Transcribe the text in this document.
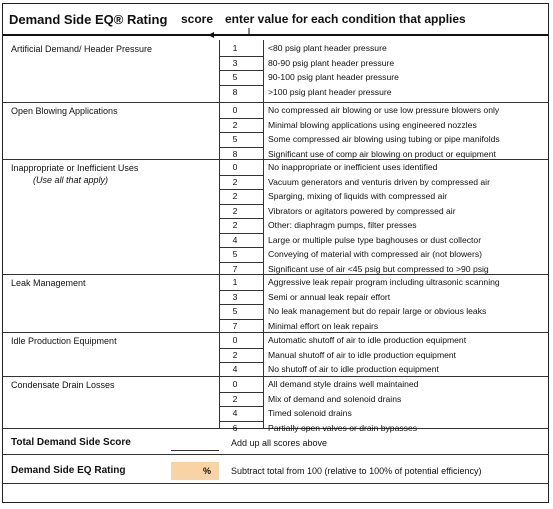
Demand Side EQ® Rating score enter value for each condition that applies
Artificial Demand/ Header Pressure	1	<80 psig plant header pressure
3	80-90 psig plant header pressure
5	90-100 psig plant header pressure
8	>100 psig plant header pressure
Open Blowing Applications	0	No compressed air blowing or use low pressure blowers only
2	Minimal blowing applications using engineered nozzles
5	Some compressed air blowing using tubing or pipe manifolds
8	Significant use of comp air blowing on product or equipment
Inappropriate or Inefficient Uses
(Use all that apply)
0	No inappropriate or inefficient uses identified
2	Vacuum generators and venturis driven by compressed air
2	Sparging, mixing of liquids with compressed air
2	Vibrators or agitators powered by compressed air
2	Other: diaphragm pumps, filter presses
4	Large or multiple pulse type baghouses or dust collector
5	Conveying of material with compressed air (not blowers)
7	Significant use of air <45 psig but compressed to >90 psig
Leak Management	1	Aggressive leak repair program including ultrasonic scanning
3	Semi or annual leak repair effort
5	No leak management but do repair large or obvious leaks
7	Minimal effort on leak repairs
Idle Production Equipment	0	Automatic shutoff of air to idle production equipment
2	Manual shutoff of air to idle production equipment
4	No shutoff of air to idle production equipment
Condensate Drain Losses	0	All demand style drains well maintained
2	Mix of demand and solenoid drains
4	Timed solenoid drains
6	Partially open valves or drain bypasses
Total Demand Side Score	Add up all scores above
Demand Side EQ Rating	%	Subtract total from 100 (relative to 100% of potential efficiency)
